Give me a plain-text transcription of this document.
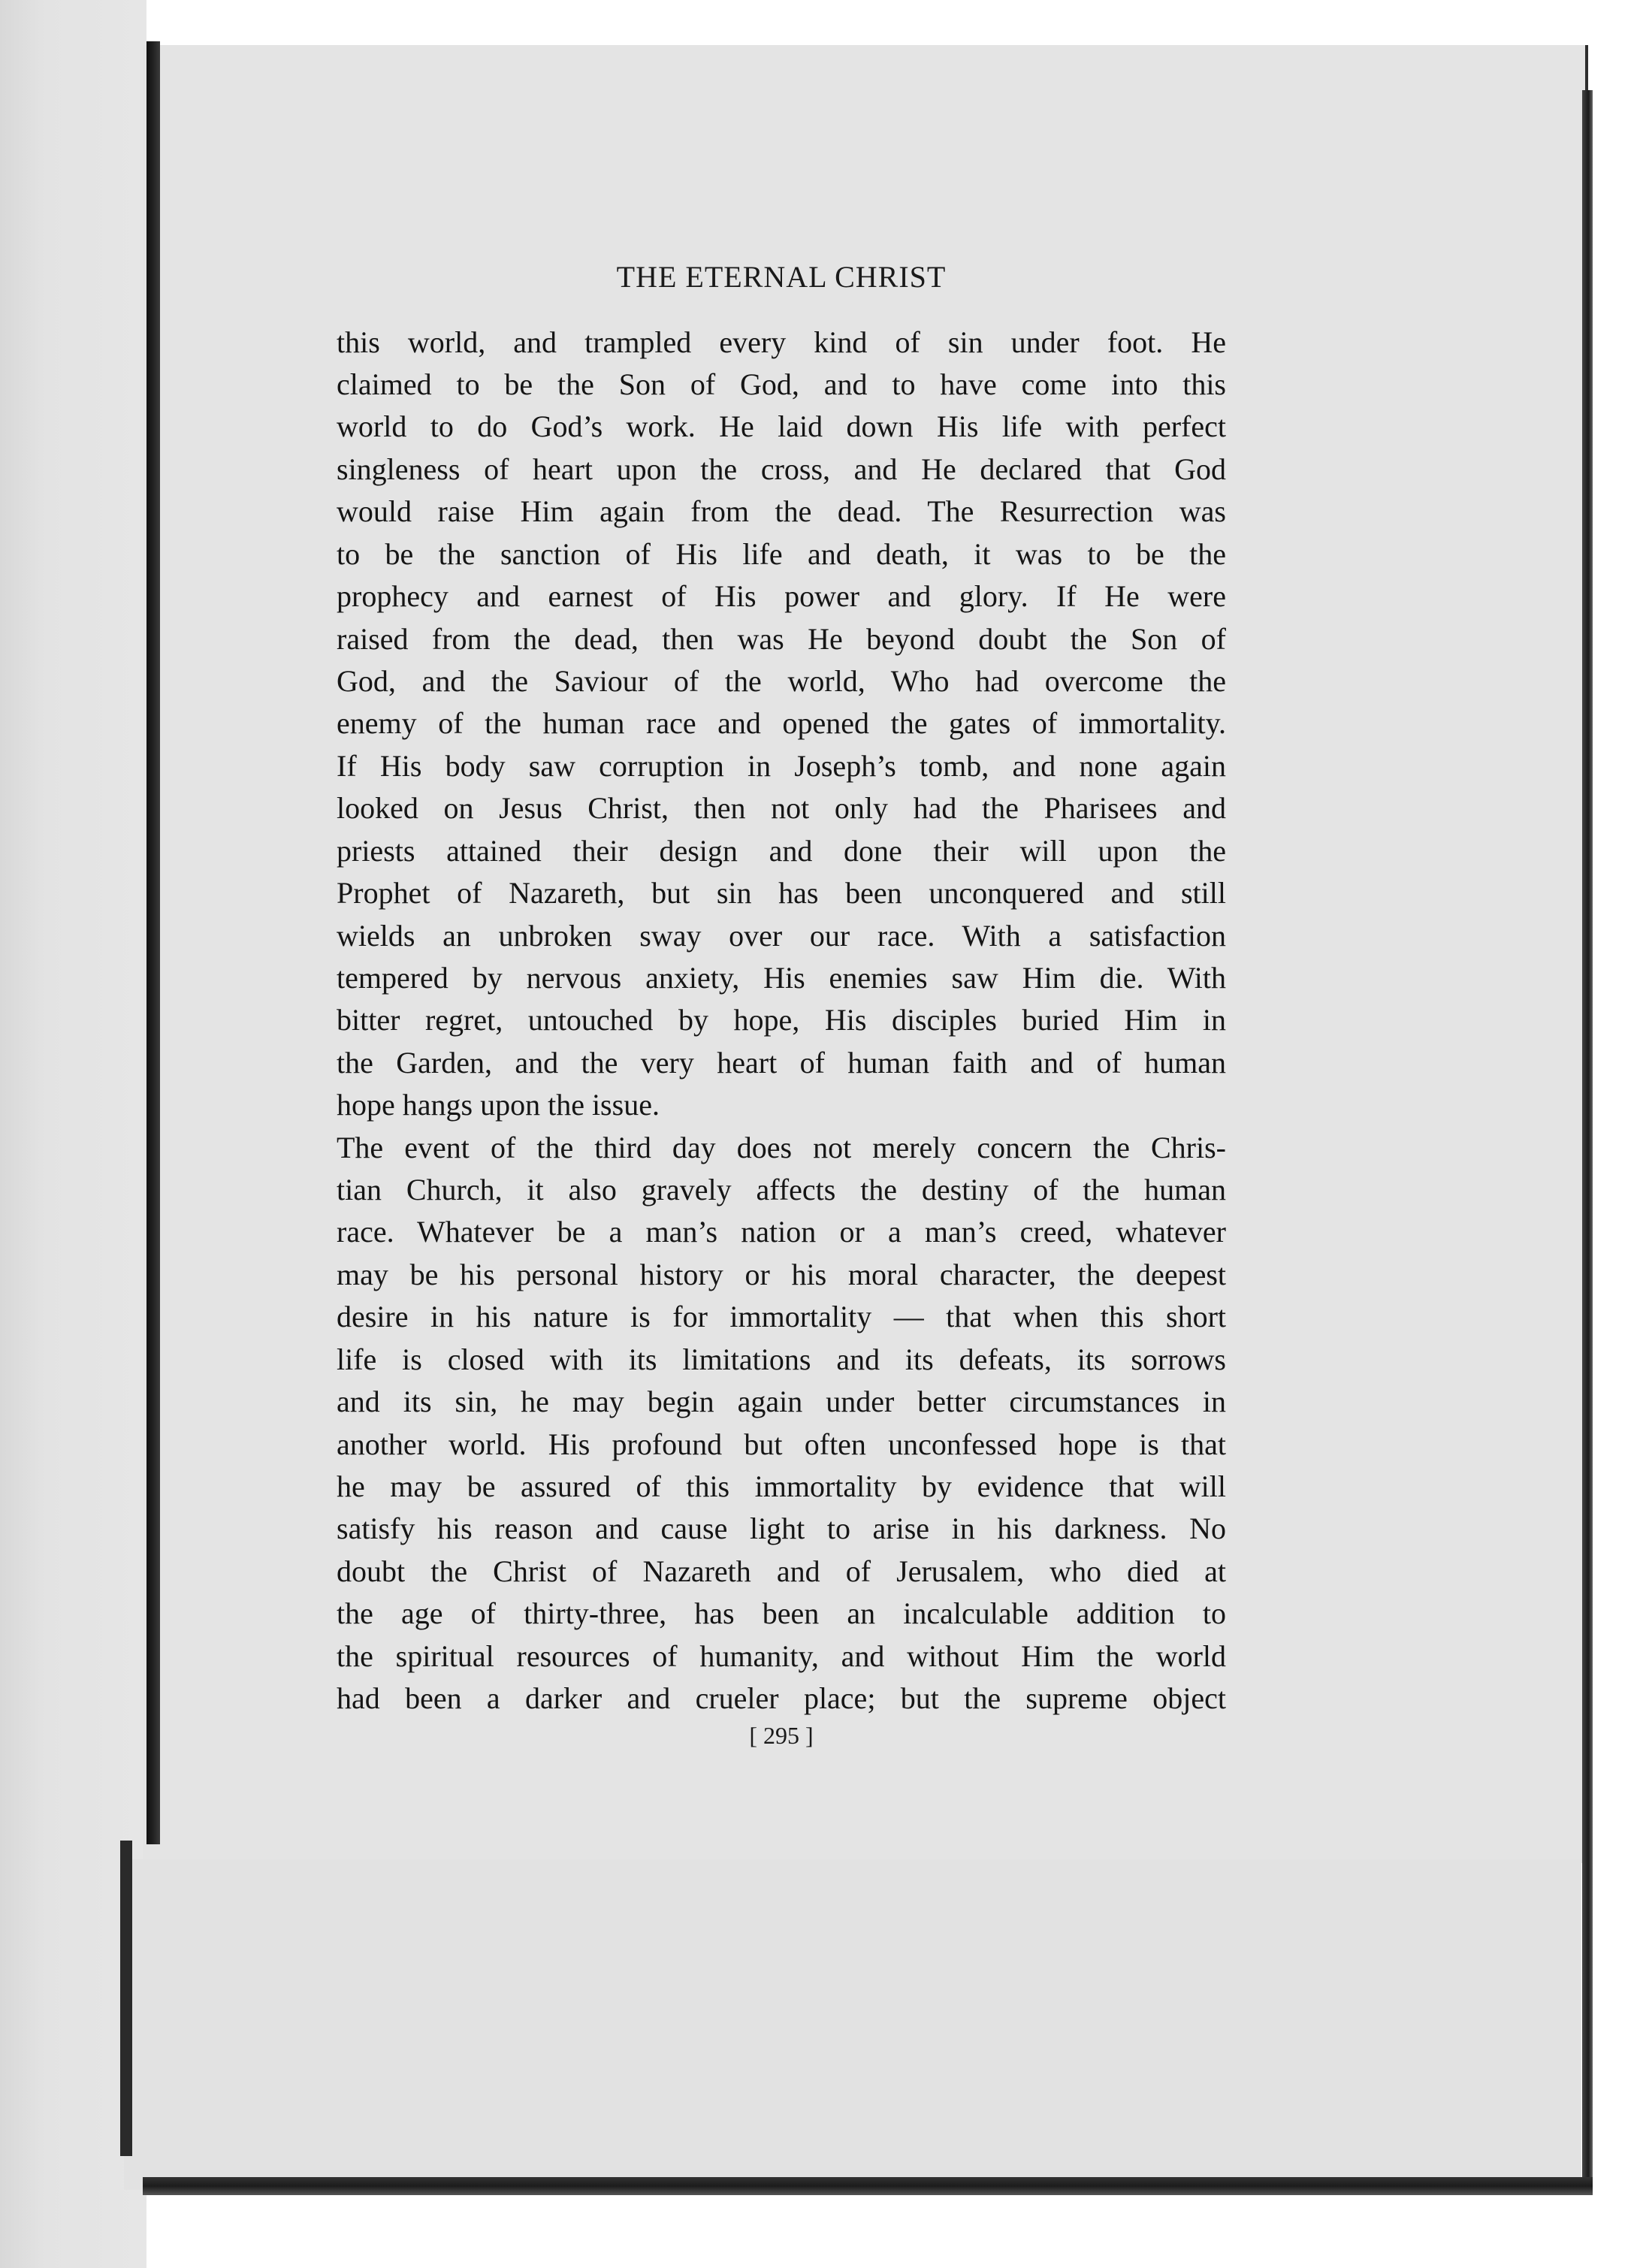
THE ETERNAL CHRIST
this world, and trampled every kind of sin under foot. He
claimed to be the Son of God, and to have come into this
world to do God’s work. He laid down His life with perfect
singleness of heart upon the cross, and He declared that God
would raise Him again from the dead. The Resurrection was
to be the sanction of His life and death, it was to be the
prophecy and earnest of His power and glory. If He were
raised from the dead, then was He beyond doubt the Son of
God, and the Saviour of the world, Who had overcome the
enemy of the human race and opened the gates of immortality.
If His body saw corruption in Joseph’s tomb, and none again
looked on Jesus Christ, then not only had the Pharisees and
priests attained their design and done their will upon the
Prophet of Nazareth, but sin has been unconquered and still
wields an unbroken sway over our race. With a satisfaction
tempered by nervous anxiety, His enemies saw Him die. With
bitter regret, untouched by hope, His disciples buried Him in
the Garden, and the very heart of human faith and of human
hope hangs upon the issue.
The event of the third day does not merely concern the Chris-
tian Church, it also gravely affects the destiny of the human
race. Whatever be a man’s nation or a man’s creed, whatever
may be his personal history or his moral character, the deepest
desire in his nature is for immortality — that when this short
life is closed with its limitations and its defeats, its sorrows
and its sin, he may begin again under better circumstances in
another world. His profound but often unconfessed hope is that
he may be assured of this immortality by evidence that will
satisfy his reason and cause light to arise in his darkness. No
doubt the Christ of Nazareth and of Jerusalem, who died at
the age of thirty-three, has been an incalculable addition to
the spiritual resources of humanity, and without Him the world
had been a darker and crueler place; but the supreme object
[ 295 ]
